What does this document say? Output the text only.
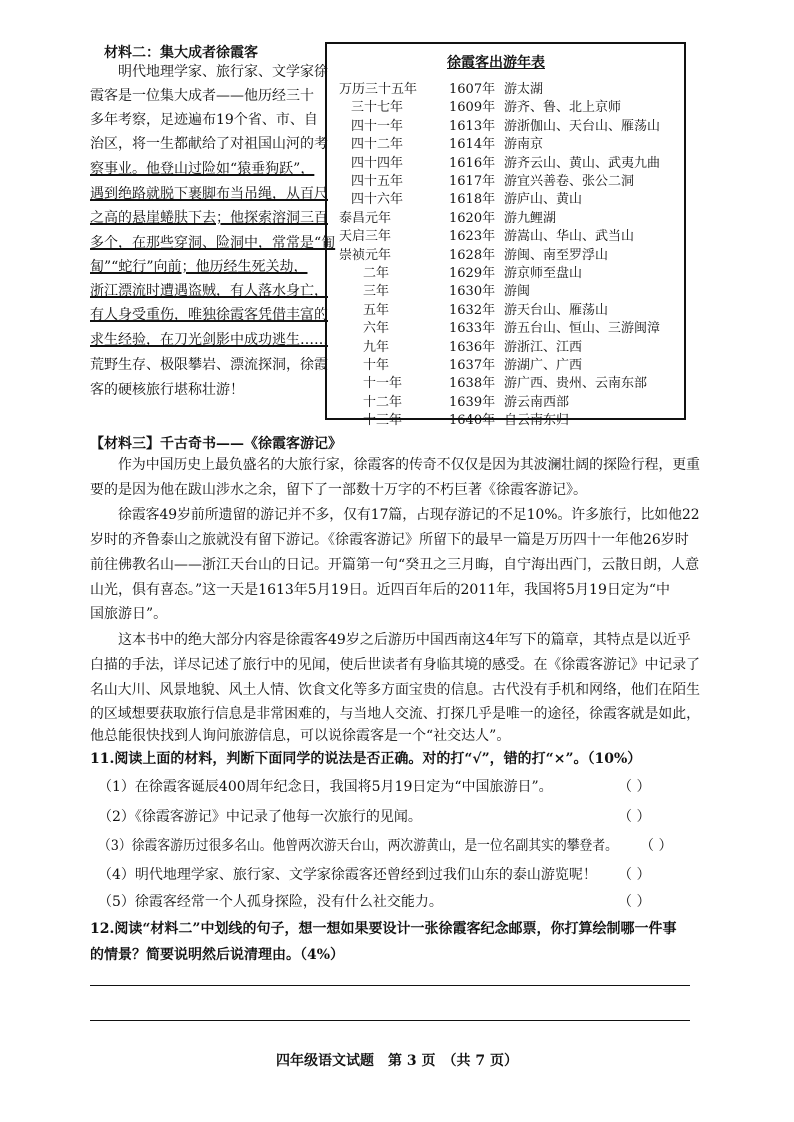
材料二：集大成者徐霞客
明代地理学家、旅行家、文学家徐
霞客是一位集大成者——他历经三十
多年考察，足迹遍布19个省、市、自
治区，将一生都献给了对祖国山河的考
察事业。他登山过险如“猿垂狗跃”，
遇到绝路就脱下裹脚布当吊绳，从百尺
之高的悬崖蜷肤下去；他探索溶洞三百
多个，在那些穿洞、险洞中，常常是“匍
匐”“蛇行”向前；他历经生死关劫，
浙江漂流时遭遇盗贼，有人落水身亡，
有人身受重伤，唯独徐霞客凭借丰富的
求生经验，在刀光剑影中成功逃生……
荒野生存、极限攀岩、漂流探洞，徐霞
客的硬核旅行堪称壮游！
徐霞客出游年表
万历三十五年 1607年 游太湖
三十七年	1609年 游齐、鲁、北上京师
四十一年	1613年 游浙伽山、天台山、雁荡山
四十二年	1614年 游南京
四十四年	1616年 游齐云山、黄山、武夷九曲
四十五年	1617年 游宜兴善卷、张公二洞
四十六年	1618年 游庐山、黄山
泰昌元年	1620年 游九鲤湖
天启三年	1623年 游嵩山、华山、武当山
崇祯元年	1628年 游闽、南至罗浮山
二年	1629年 游京师至盘山
三年	1630年 游闽
五年	1632年 游天台山、雁荡山
六年	1633年 游五台山、恒山、三游闽漳
九年	1636年 游浙江、江西
十年	1637年 游湖广、广西
十一年	1638年 游广西、贵州、云南东部
十二年	1639年 游云南西部
十三年	1640年 自云南东归
【材料三】千古奇书——《徐霞客游记》
作为中国历史上最负盛名的大旅行家，徐霞客的传奇不仅仅是因为其波澜壮阔的探险行程，更重
要的是因为他在跋山涉水之余，留下了一部数十万字的不朽巨著《徐霞客游记》。
徐霞客49岁前所遗留的游记并不多，仅有17篇，占现存游记的不足10%。许多旅行，比如他22
岁时的齐鲁泰山之旅就没有留下游记。《徐霞客游记》所留下的最早一篇是万历四十一年他26岁时
前往佛教名山——浙江天台山的日记。开篇第一句“癸丑之三月晦，自宁海出西门，云散日朗，人意
山光，俱有喜态。”这一天是1613年5月19日。近四百年后的2011年，我国将5月19日定为“中
国旅游日”。
这本书中的绝大部分内容是徐霞客49岁之后游历中国西南这4年写下的篇章，其特点是以近乎
白描的手法，详尽记述了旅行中的见闻，使后世读者有身临其境的感受。在《徐霞客游记》中记录了
名山大川、风景地貌、风土人情、饮食文化等多方面宝贵的信息。古代没有手机和网络，他们在陌生
的区域想要获取旅行信息是非常困难的，与当地人交流、打探几乎是唯一的途径，徐霞客就是如此，
他总能很快找到人询问旅游信息，可以说徐霞客是一个“社交达人”。
11.阅读上面的材料，判断下面同学的说法是否正确。对的打“√”，错的打“×”。（10%）
（1）在徐霞客诞辰400周年纪念日，我国将5月19日定为“中国旅游日”。	（ ）
（2）《徐霞客游记》中记录了他每一次旅行的见闻。	（ ）
（3）徐霞客游历过很多名山。他曾两次游天台山，两次游黄山，是一位名副其实的攀登者。 （ ）
（4）明代地理学家、旅行家、文学家徐霞客还曾经到过我们山东的泰山游览呢！ （ ）
（5）徐霞客经常一个人孤身探险，没有什么社交能力。	（ ）
12.阅读“材料二”中划线的句子，想一想如果要设计一张徐霞客纪念邮票，你打算绘制哪一件事
的情景？简要说明然后说清理由。（4%）
四年级语文试题　第 3 页　（共 7 页）
